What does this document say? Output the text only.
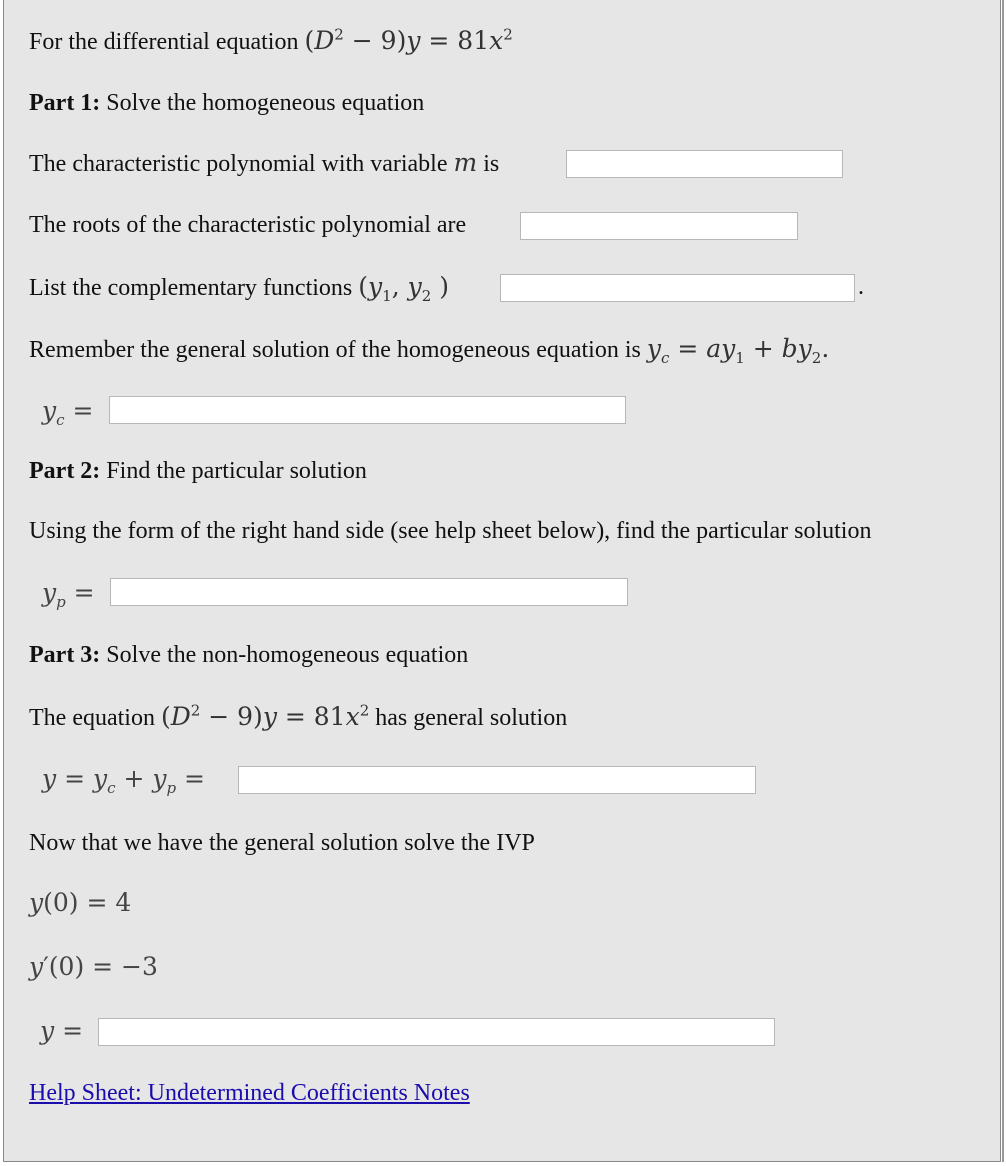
For the differential equation $(D^2 - 9)y = 81x^2$
Part 1: Solve the homogeneous equation
The characteristic polynomial with variable m is
The roots of the characteristic polynomial are
List the complementary functions ($y_1$, $y_2$ )	.
Remember the general solution of the homogeneous equation is $y_c = ay_1 + by_2$.
$y_c$ =
Part 2: Find the particular solution
Using the form of the right hand side (see help sheet below), find the particular solution
$y_p$ =
Part 3: Solve the non-homogeneous equation
The equation $(D^2 - 9)y = 81x^2$ has general solution
$y = y_c + y_p$ =
Now that we have the general solution solve the IVP
y(0) = 4
y′(0) = −3
y =
Help Sheet: Undetermined Coefficients Notes
